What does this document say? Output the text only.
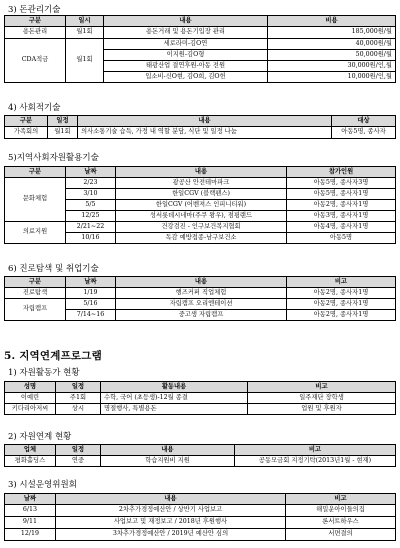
3) 돈관리기술
구분	일시	내용	비용
용돈관리	월1회	용돈거래 및 용돈기입장 관리	185,000원/월
CDA적금	월1회	세로라미-김O연	40,000원/월
		이지원-김O형	50,000원/월
		태광산업 결연후원-아동 전원	30,000원/인,월
		입소비-신O현, 김O희, 김O헌	10,000원/인,월
4) 사회적기술
구분	일정	내용	대상
가족회의	월1회	의사소통기술 습득, 가정 내 역할 분담, 식단 및 일정 나눔	아동5명, 종사자
5)지역사회자원활용기술
구분	날짜	내용	참가인원
문화체험	2/23	광공산 안전테마파크	아동5명, 종사자3명
	3/10	한일CGV (블랙팬스)	아동5명, 종사자1명
	5/5	한일CGV (어벤져스 인피니티워)	아동2명, 종사자1명
	12/25	성서롯데시네마(주쿠 왕우), 점핑랜드	아동3명, 종사자1명
의료지원	2/21~22	건강검진 - 인구보건복지협회	아동4명, 종사자1명
	10/16	독감 예방접종-남구보건소	아동5명
6) 진로탐색 및 취업기술
구분	날짜	내용	비고
진로탐색	1/19	행즈커퍼 직업체험	아동2명, 종사자1명
자립캠프	5/16	자립캠프 오리엔테이션	아동2명, 종사자1명
	7/14~16	중고생 자립캠프	아동2명, 종사자1명
5. 지역연계프로그램
1) 자원활동가 현황
성명	일정	활동내용	비고
이예린	주1회	수학, 국어 (초등생)-12월 종결	일주재단 장학생
키다리아저씨	상시	명절행사, 특별용돈	업원 및 후원자
2) 자원연계 현황
업체	일정	내용	비고
평화홀딩스	연중	학습지원비 지원	공동모금회 지정기탁(2013년1월 - 현재)
3) 시설운영위원회
날짜	내용	비고
6/13	2차추가경정예산안 / 상반기 사업보고	해밀운아이들의집
9/11	사업보고 및 재정보고 / 2018년 후원행사	론서트하우스
12/19	3차추가경정예산안 / 2019년 예산안 심의	서면결의
